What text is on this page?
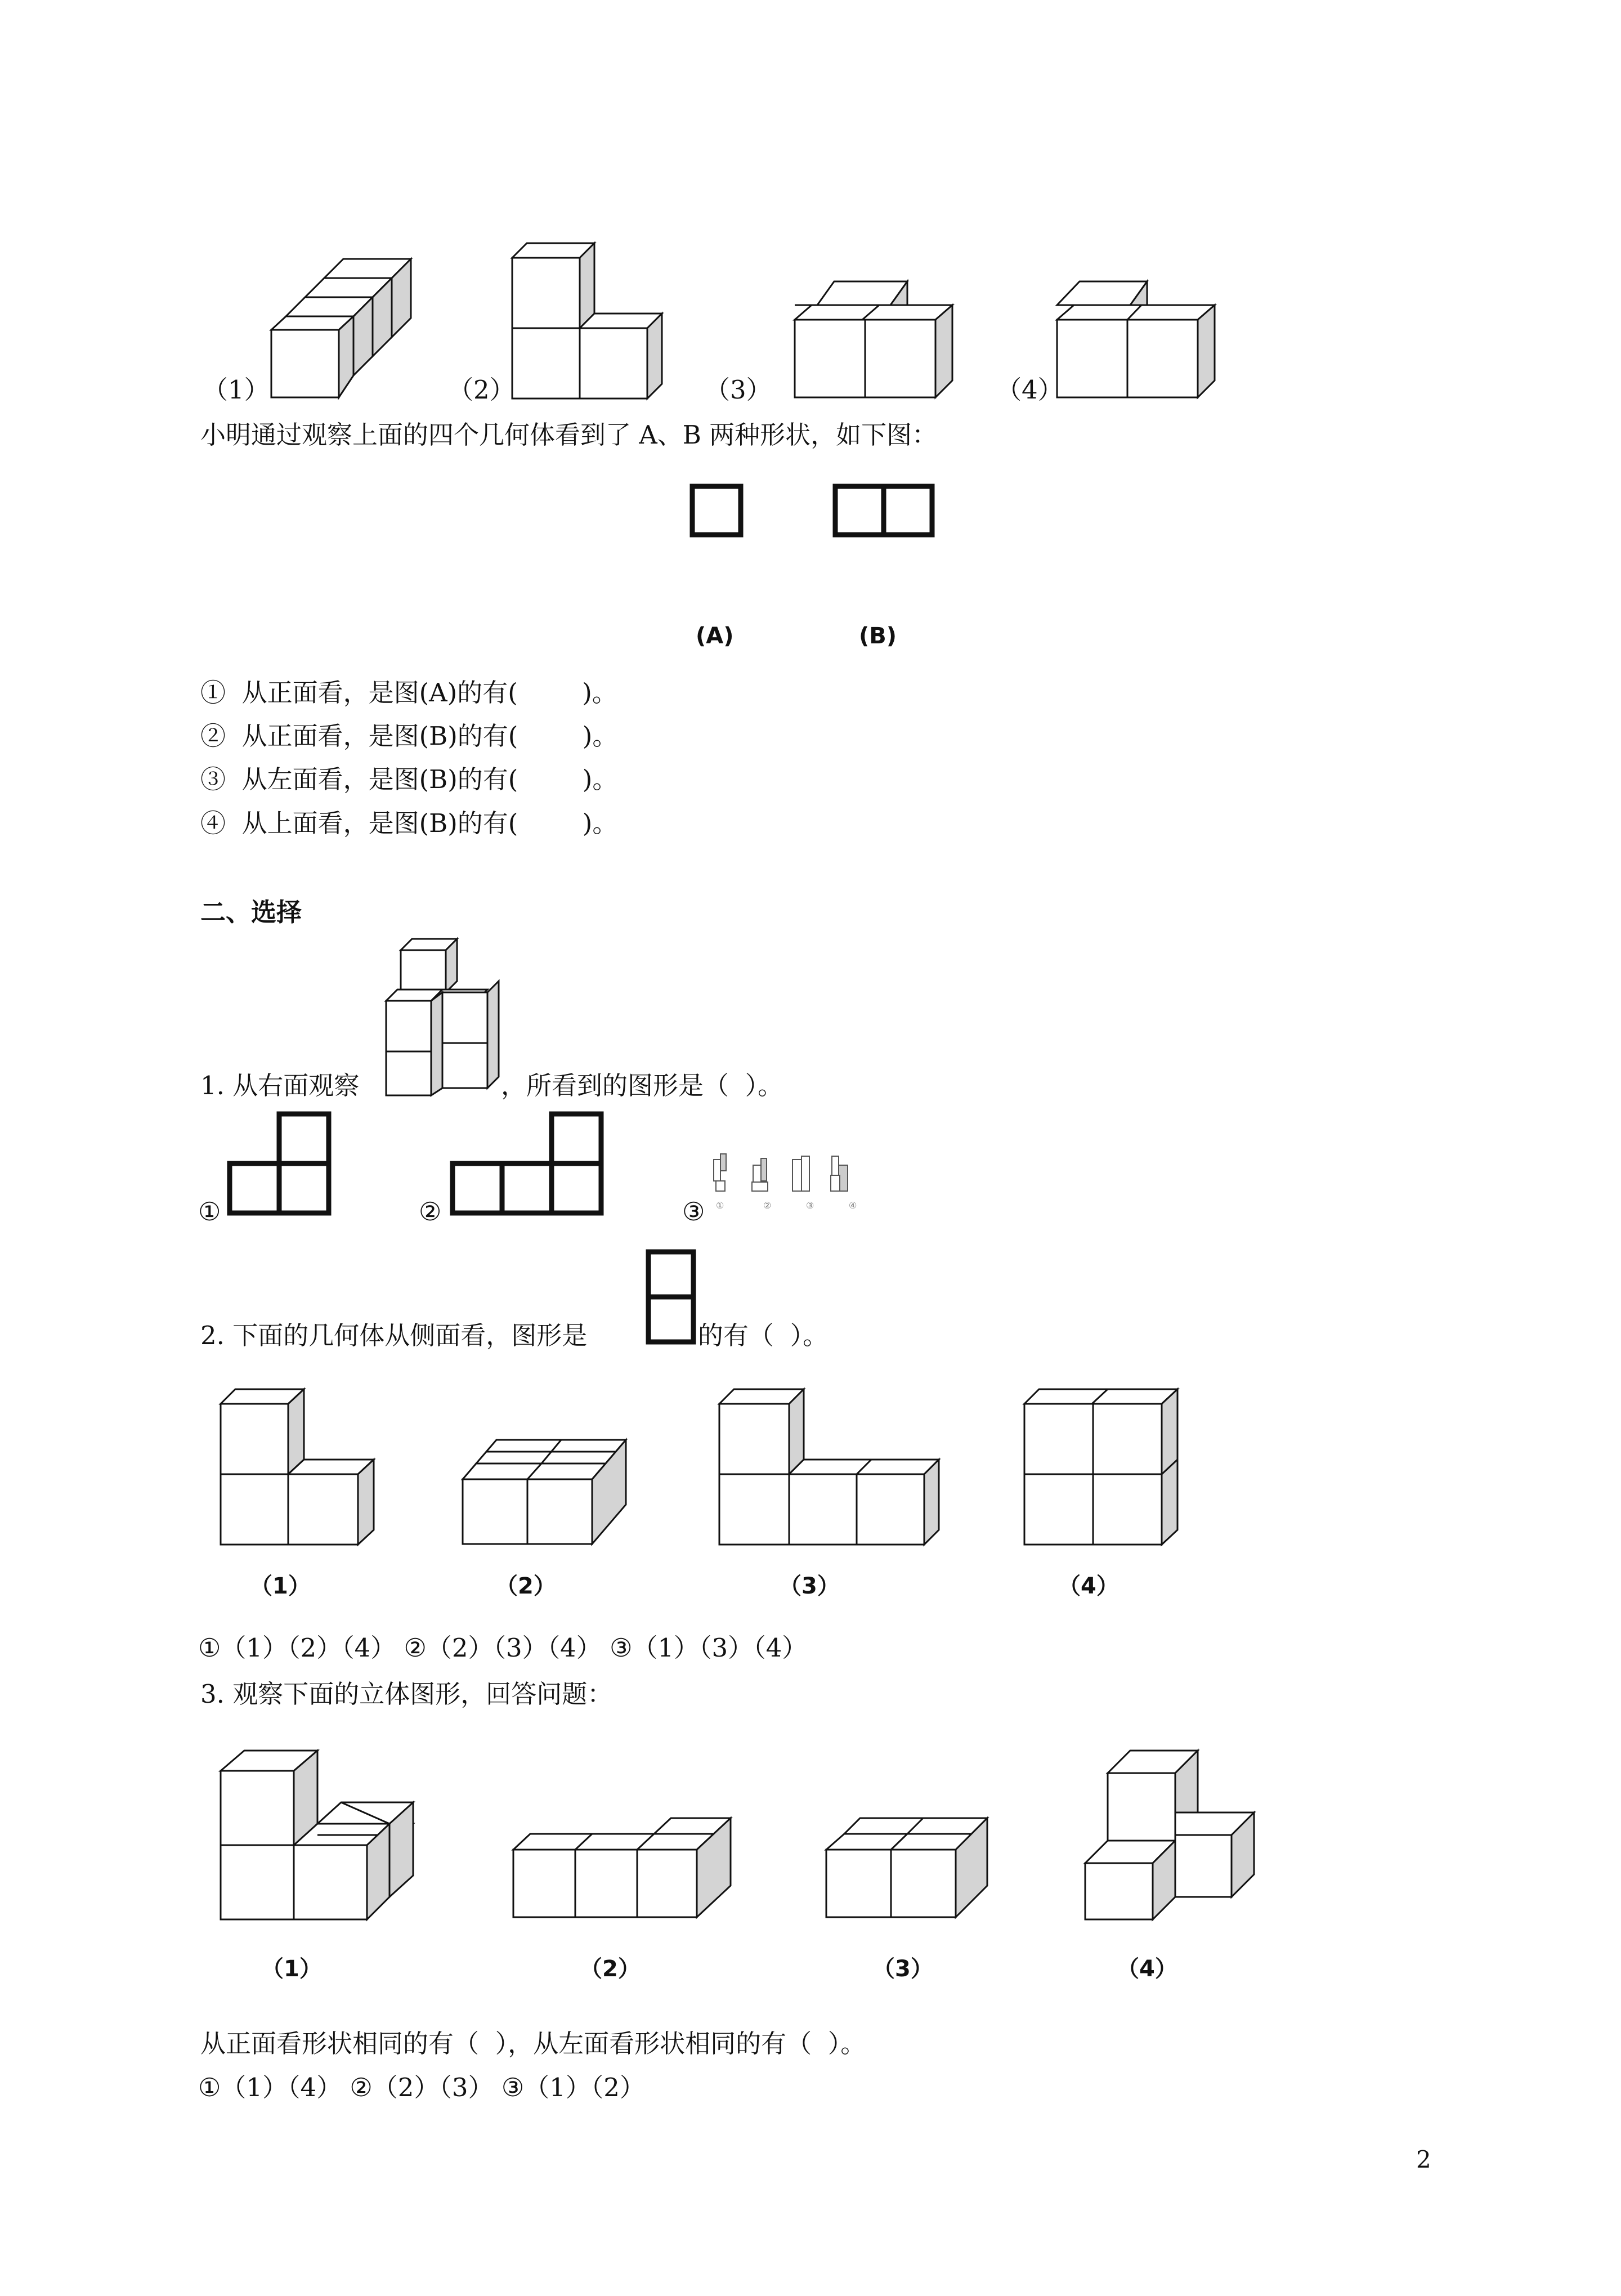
（1）	（2）	（3）	（4）
小明通过观察上面的四个几何体看到了 A、B 两种形状，如下图：
(A)	(B)
①  从正面看，是图(A)的有(        )。
②  从正面看，是图(B)的有(        )。
③  从左面看，是图(B)的有(        )。
④  从上面看，是图(B)的有(        )。
二、选择
1. 从右面观察	，所看到的图形是（  ）。
①	②	③ ①	②	③	④
2. 下面的几何体从侧面看，图形是	的有（  ）。
（1）	（2）	（3）	（4）
①（1）（2）（4） ②（2）（3）（4） ③（1）（3）（4）
3. 观察下面的立体图形，回答问题：
（1）	（2）	（3）	（4）
从正面看形状相同的有（  ），从左面看形状相同的有（  ）。
①（1）（4） ②（2）（3） ③（1）（2）
2
